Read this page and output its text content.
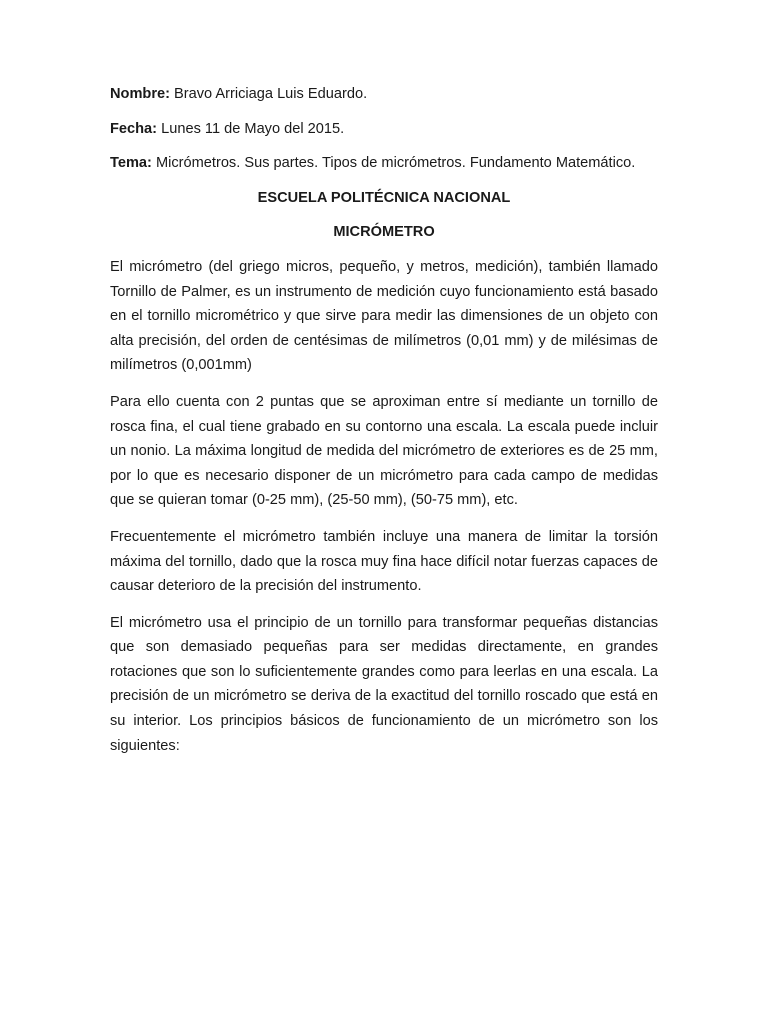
Nombre: Bravo Arriciaga Luis Eduardo.

Fecha: Lunes 11 de Mayo del 2015.

Tema: Micrómetros. Sus partes. Tipos de micrómetros. Fundamento Matemático.

ESCUELA POLITÉCNICA NACIONAL

MICRÓMETRO

El micrómetro (del griego micros, pequeño, y metros, medición), también llamado Tornillo de Palmer, es un instrumento de medición cuyo funcionamiento está basado en el tornillo micrométrico y que sirve para medir las dimensiones de un objeto con alta precisión, del orden de centésimas de milímetros (0,01 mm) y de milésimas de milímetros (0,001mm)

Para ello cuenta con 2 puntas que se aproximan entre sí mediante un tornillo de rosca fina, el cual tiene grabado en su contorno una escala. La escala puede incluir un nonio. La máxima longitud de medida del micrómetro de exteriores es de 25 mm, por lo que es necesario disponer de un micrómetro para cada campo de medidas que se quieran tomar (0-25 mm), (25-50 mm), (50-75 mm), etc.

Frecuentemente el micrómetro también incluye una manera de limitar la torsión máxima del tornillo, dado que la rosca muy fina hace difícil notar fuerzas capaces de causar deterioro de la precisión del instrumento.

El micrómetro usa el principio de un tornillo para transformar pequeñas distancias que son demasiado pequeñas para ser medidas directamente, en grandes rotaciones que son lo suficientemente grandes como para leerlas en una escala. La precisión de un micrómetro se deriva de la exactitud del tornillo roscado que está en su interior. Los principios básicos de funcionamiento de un micrómetro son los siguientes:
